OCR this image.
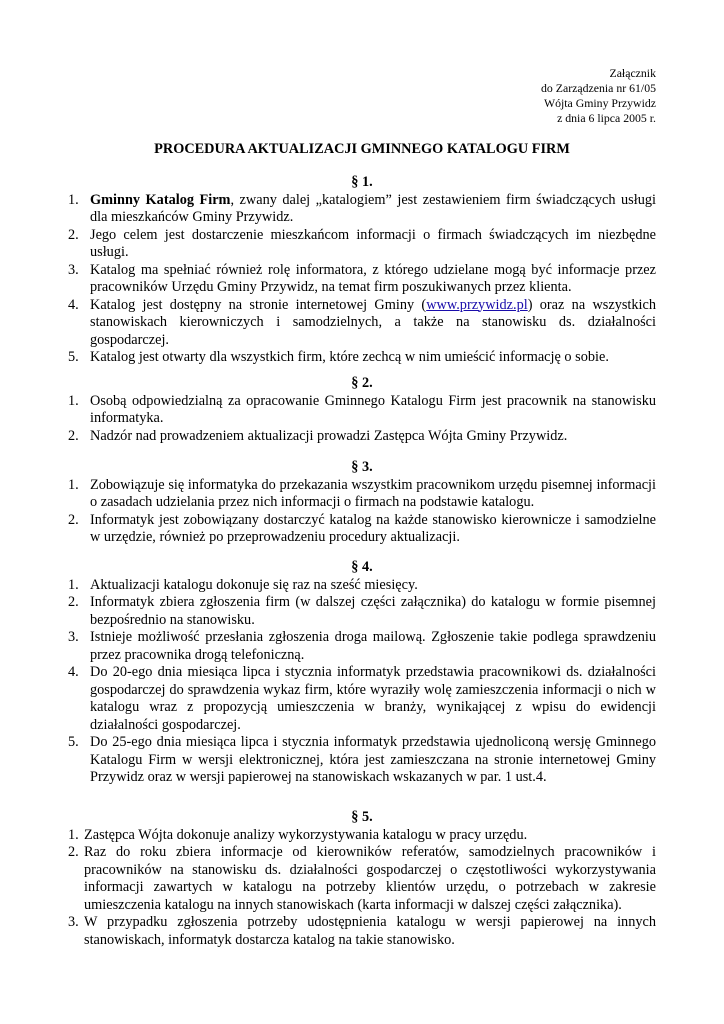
Załącznik
do Zarządzenia nr 61/05
Wójta Gminy Przywidz
z dnia 6 lipca 2005 r.
PROCEDURA AKTUALIZACJI GMINNEGO KATALOGU FIRM
§ 1.
1. Gminny Katalog Firm, zwany dalej „katalogiem” jest zestawieniem firm świadczących usługi dla mieszkańców Gminy Przywidz.
2. Jego celem jest dostarczenie mieszkańcom informacji o firmach świadczących im niezbędne usługi.
3. Katalog ma spełniać również rolę informatora, z którego udzielane mogą być informacje przez pracowników Urzędu Gminy Przywidz, na temat firm poszukiwanych przez klienta.
4. Katalog jest dostępny na stronie internetowej Gminy (www.przywidz.pl) oraz na wszystkich stanowiskach kierowniczych i samodzielnych, a także na stanowisku ds. działalności gospodarczej.
5. Katalog jest otwarty dla wszystkich firm, które zechcą w nim umieścić informację o sobie.
§ 2.
1. Osobą odpowiedzialną za opracowanie Gminnego Katalogu Firm jest pracownik na stanowisku informatyka.
2. Nadzór nad prowadzeniem aktualizacji prowadzi Zastępca Wójta Gminy Przywidz.
§ 3.
1. Zobowiązuje się informatyka do przekazania wszystkim pracownikom urzędu pisemnej informacji o zasadach udzielania przez nich informacji o firmach na podstawie katalogu.
2. Informatyk jest zobowiązany dostarczyć katalog na każde stanowisko kierownicze i samodzielne w urzędzie, również po przeprowadzeniu procedury aktualizacji.
§ 4.
1. Aktualizacji katalogu dokonuje się raz na sześć miesięcy.
2. Informatyk zbiera zgłoszenia firm (w dalszej części załącznika) do katalogu w formie pisemnej bezpośrednio na stanowisku.
3. Istnieje możliwość przesłania zgłoszenia droga mailową. Zgłoszenie takie podlega sprawdzeniu przez pracownika drogą telefoniczną.
4. Do 20-ego dnia miesiąca lipca i stycznia informatyk przedstawia pracownikowi ds. działalności gospodarczej do sprawdzenia wykaz firm, które wyraziły wolę zamieszczenia informacji o nich w katalogu wraz z propozycją umieszczenia w branży, wynikającej z wpisu do ewidencji działalności gospodarczej.
5. Do 25-ego dnia miesiąca lipca i stycznia informatyk przedstawia ujednoliconą wersję Gminnego Katalogu Firm w wersji elektronicznej, która jest zamieszczana na stronie internetowej Gminy Przywidz oraz w wersji papierowej na stanowiskach wskazanych w par. 1 ust.4.
§ 5.
1. Zastępca Wójta dokonuje analizy wykorzystywania katalogu w pracy urzędu.
2. Raz do roku zbiera informacje od kierowników referatów, samodzielnych pracowników i pracowników na stanowisku ds. działalności gospodarczej o częstotliwości wykorzystywania informacji zawartych w katalogu na potrzeby klientów urzędu, o potrzebach w zakresie umieszczenia katalogu na innych stanowiskach (karta informacji w dalszej części załącznika).
3. W przypadku zgłoszenia potrzeby udostępnienia katalogu w wersji papierowej na innych stanowiskach, informatyk dostarcza katalog na takie stanowisko.
